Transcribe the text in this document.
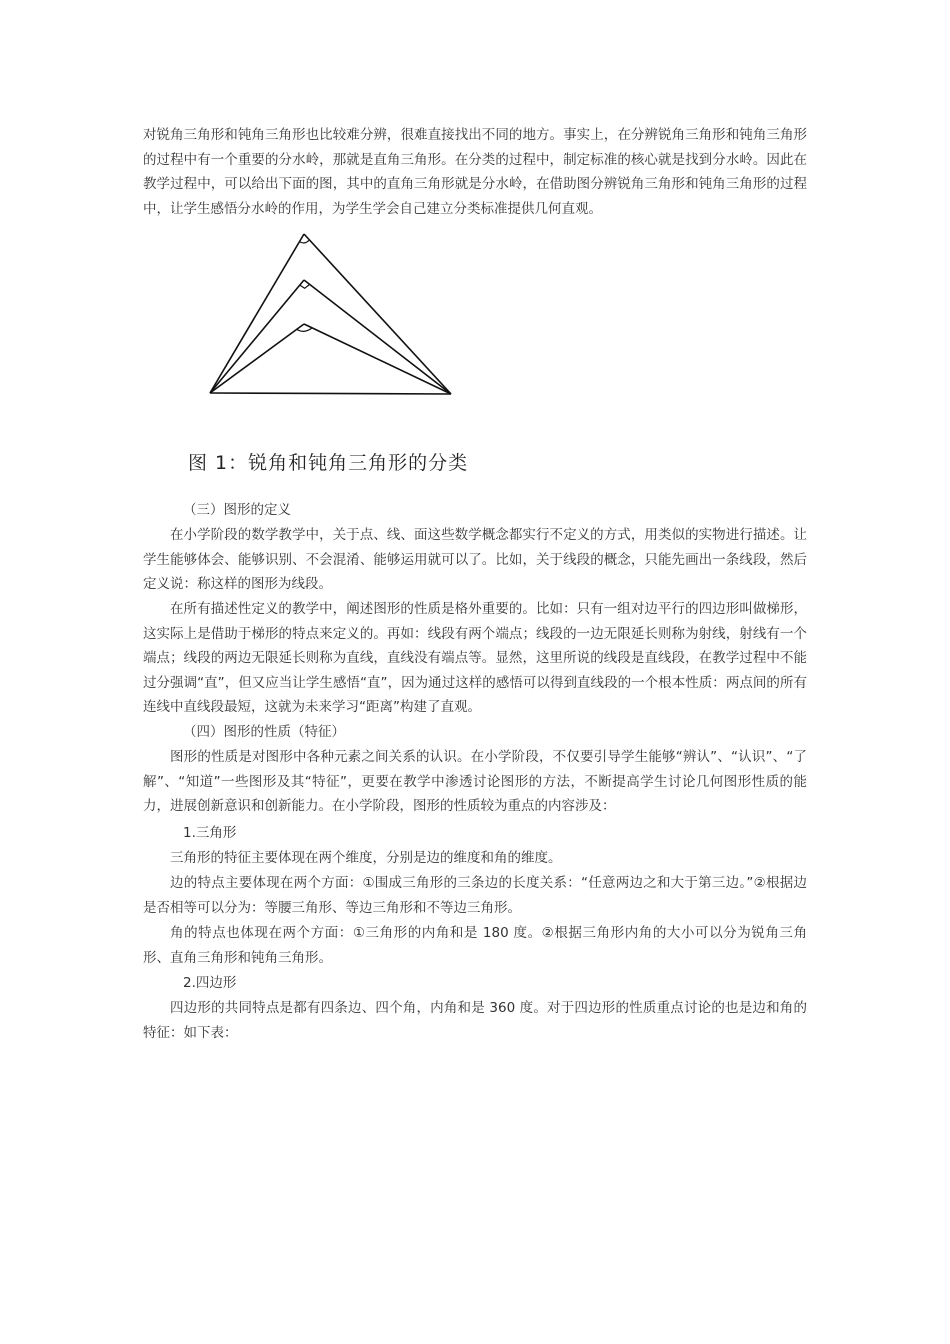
对锐角三角形和钝角三角形也比较难分辨，很难直接找出不同的地方。事实上，在分辨锐角三角形和钝角三角形的过程中有一个重要的分水岭，那就是直角三角形。在分类的过程中，制定标准的核心就是找到分水岭。因此在教学过程中，可以给出下面的图，其中的直角三角形就是分水岭，在借助图分辨锐角三角形和钝角三角形的过程中，让学生感悟分水岭的作用，为学生学会自己建立分类标准提供几何直观。

图 1：锐角和钝角三角形的分类

（三）图形的定义

在小学阶段的数学教学中，关于点、线、面这些数学概念都实行不定义的方式，用类似的实物进行描述。让学生能够体会、能够识别、不会混淆、能够运用就可以了。比如，关于线段的概念，只能先画出一条线段，然后定义说：称这样的图形为线段。

在所有描述性定义的教学中，阐述图形的性质是格外重要的。比如：只有一组对边平行的四边形叫做梯形，这实际上是借助于梯形的特点来定义的。再如：线段有两个端点；线段的一边无限延长则称为射线，射线有一个端点；线段的两边无限延长则称为直线，直线没有端点等。显然，这里所说的线段是直线段，在教学过程中不能过分强调“直”，但又应当让学生感悟“直”，因为通过这样的感悟可以得到直线段的一个根本性质：两点间的所有连线中直线段最短，这就为未来学习“距离”构建了直观。

（四）图形的性质（特征）

图形的性质是对图形中各种元素之间关系的认识。在小学阶段，不仅要引导学生能够“辨认”、“认识”、“了解”、“知道”一些图形及其“特征”，更要在教学中渗透讨论图形的方法，不断提高学生讨论几何图形性质的能力，进展创新意识和创新能力。在小学阶段，图形的性质较为重点的内容涉及：

1.三角形

三角形的特征主要体现在两个维度，分别是边的维度和角的维度。

边的特点主要体现在两个方面：①围成三角形的三条边的长度关系：“任意两边之和大于第三边。”②根据边是否相等可以分为：等腰三角形、等边三角形和不等边三角形。

角的特点也体现在两个方面：①三角形的内角和是 180 度。②根据三角形内角的大小可以分为锐角三角形、直角三角形和钝角三角形。

2.四边形

四边形的共同特点是都有四条边、四个角，内角和是 360 度。对于四边形的性质重点讨论的也是边和角的特征：如下表：
